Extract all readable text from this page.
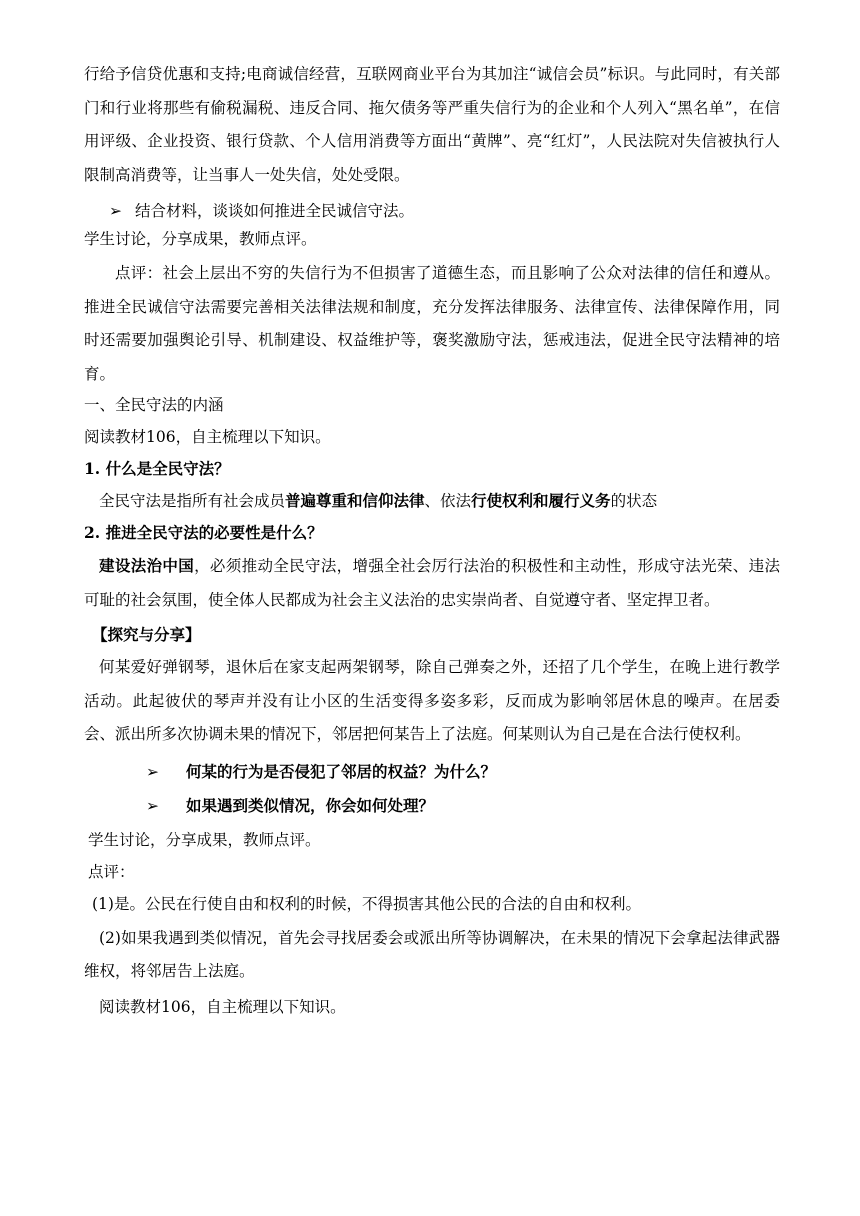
行给予信贷优惠和支持;电商诚信经营，互联网商业平台为其加注“诚信会员”标识。与此同时，有关部门和行业将那些有偷税漏税、违反合同、拖欠债务等严重失信行为的企业和个人列入“黑名单”，在信用评级、企业投资、银行贷款、个人信用消费等方面出“黄牌”、亮“红灯”，人民法院对失信被执行人限制高消费等，让当事人一处失信，处处受限。

➢ 结合材料，谈谈如何推进全民诚信守法。

学生讨论，分享成果，教师点评。

点评：社会上层出不穷的失信行为不但损害了道德生态，而且影响了公众对法律的信任和遵从。推进全民诚信守法需要完善相关法律法规和制度，充分发挥法律服务、法律宣传、法律保障作用，同时还需要加强舆论引导、机制建设、权益维护等，褒奖激励守法，惩戒违法，促进全民守法精神的培育。

一、全民守法的内涵

阅读教材106，自主梳理以下知识。

1. 什么是全民守法？

全民守法是指所有社会成员普遍尊重和信仰法律、依法行使权利和履行义务的状态

2. 推进全民守法的必要性是什么？

建设法治中国，必须推动全民守法，增强全社会厉行法治的积极性和主动性，形成守法光荣、违法可耻的社会氛围，使全体人民都成为社会主义法治的忠实崇尚者、自觉遵守者、坚定捍卫者。

【探究与分享】

何某爱好弹钢琴，退休后在家支起两架钢琴，除自己弹奏之外，还招了几个学生，在晚上进行教学活动。此起彼伏的琴声并没有让小区的生活变得多姿多彩，反而成为影响邻居休息的噪声。在居委会、派出所多次协调未果的情况下，邻居把何某告上了法庭。何某则认为自己是在合法行使权利。

➢ 何某的行为是否侵犯了邻居的权益？为什么？

➢ 如果遇到类似情况，你会如何处理？

学生讨论，分享成果，教师点评。

点评：

(1)是。公民在行使自由和权利的时候，不得损害其他公民的合法的自由和权利。

(2)如果我遇到类似情况，首先会寻找居委会或派出所等协调解决，在未果的情况下会拿起法律武器维权，将邻居告上法庭。

阅读教材106，自主梳理以下知识。
